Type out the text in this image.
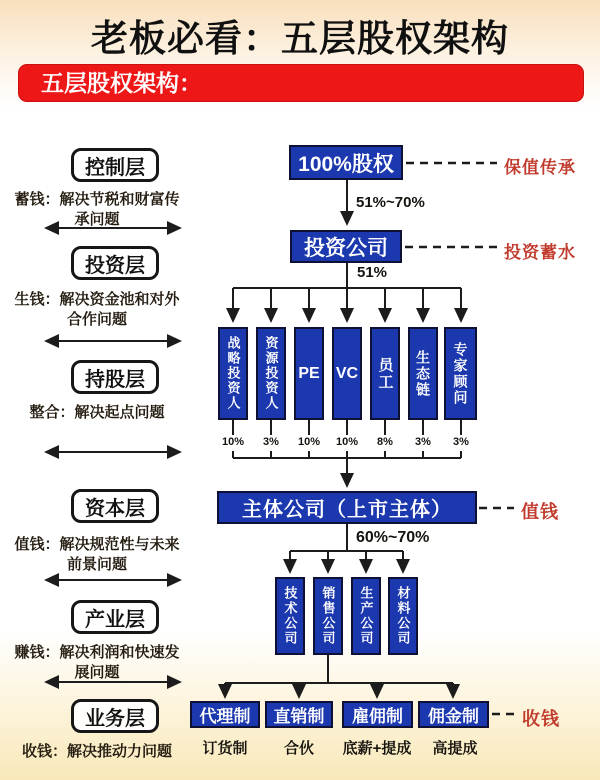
老板必看：五层股权架构
五层股权架构：
控制层
蓄钱：解决节税和财富传承问题
投资层
生钱：解决资金池和对外合作问题
持股层
整合：解决起点问题
资本层
值钱：解决规范性与未来前景问题
产业层
赚钱：解决利润和快速发展问题
业务层
收钱：解决推动力问题
100%股权	保值传承
51%~70%
投资公司	投资蓄水
51%
战略投资人 资源投资人 PE VC 员工 生态链 专家顾问
10%	3%	10%	10%	8%	3%	3%
主体公司（上市主体）	值钱
60%~70%
技术公司 销售公司 生产公司 材料公司
代理制	直销制	雇佣制	佣金制	收钱
订货制	合伙	底薪+提成	高提成
